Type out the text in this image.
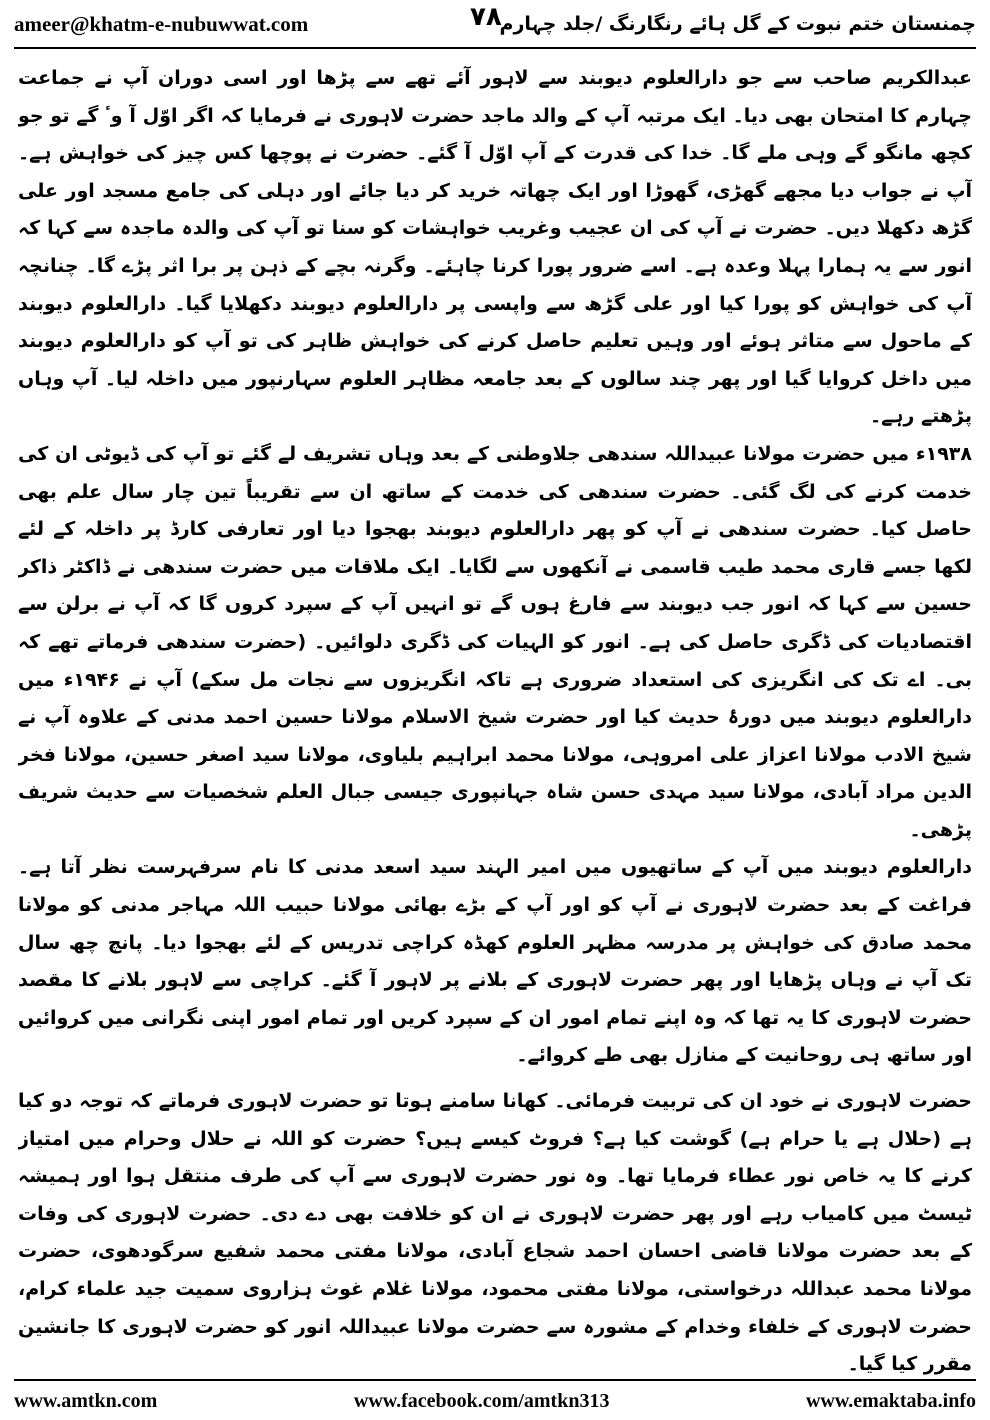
ameer@khatm-e-nubuwwat.com	چمنستان ختم نبوت کے گل ہائے رنگارنگ /جلد چہارم
۷۸

عبدالکریم صاحب سے جو دارالعلوم دیوبند سے لاہور آئے تھے سے پڑھا اور اسی دوران آپ نے جماعت چہارم کا امتحان بھی دیا۔ ایک مرتبہ آپ کے والد ماجد حضرت لاہوری نے فرمایا کہ اگر اوّل آ وٴ گے تو جو کچھ مانگو گے وہی ملے گا۔ خدا کی قدرت کے آپ اوّل آ گئے۔ حضرت نے پوچھا کس چیز کی خواہش ہے۔ آپ نے جواب دیا مجھے گھڑی، گھوڑا اور ایک چھاتہ خرید کر دیا جائے اور دہلی کی جامع مسجد اور علی گڑھ دکھلا دیں۔ حضرت نے آپ کی ان عجیب وغریب خواہشات کو سنا تو آپ کی والدہ ماجدہ سے کہا کہ انور سے یہ ہمارا پہلا وعدہ ہے۔ اسے ضرور پورا کرنا چاہئے۔ وگرنہ بچے کے ذہن پر برا اثر پڑے گا۔ چنانچہ آپ کی خواہش کو پورا کیا اور علی گڑھ سے واپسی پر دارالعلوم دیوبند دکھلایا گیا۔ دارالعلوم دیوبند کے ماحول سے متاثر ہوئے اور وہیں تعلیم حاصل کرنے کی خواہش ظاہر کی تو آپ کو دارالعلوم دیوبند میں داخل کروایا گیا اور پھر چند سالوں کے بعد جامعہ مظاہر العلوم سہارنپور میں داخلہ لیا۔ آپ وہاں پڑھتے رہے۔

۱۹۳۸ء میں حضرت مولانا عبیداللہ سندھی جلاوطنی کے بعد وہاں تشریف لے گئے تو آپ کی ڈیوٹی ان کی خدمت کرنے کی لگ گئی۔ حضرت سندھی کی خدمت کے ساتھ ان سے تقریباً تین چار سال علم بھی حاصل کیا۔ حضرت سندھی نے آپ کو پھر دارالعلوم دیوبند بھجوا دیا اور تعارفی کارڈ پر داخلہ کے لئے لکھا جسے قاری محمد طیب قاسمی نے آنکھوں سے لگایا۔ ایک ملاقات میں حضرت سندھی نے ڈاکٹر ذاکر حسین سے کہا کہ انور جب دیوبند سے فارغ ہوں گے تو انہیں آپ کے سپرد کروں گا کہ آپ نے برلن سے اقتصادیات کی ڈگری حاصل کی ہے۔ انور کو الہیات کی ڈگری دلوائیں۔ (حضرت سندھی فرماتے تھے کہ بی۔ اے تک کی انگریزی کی استعداد ضروری ہے تاکہ انگریزوں سے نجات مل سکے) آپ نے ۱۹۴۶ء میں دارالعلوم دیوبند میں دورۂ حدیث کیا اور حضرت شیخ الاسلام مولانا حسین احمد مدنی کے علاوہ آپ نے شیخ الادب مولانا اعزاز علی امروہی، مولانا محمد ابراہیم بلیاوی، مولانا سید اصغر حسین، مولانا فخر الدین مراد آبادی، مولانا سید مہدی حسن شاہ جہانپوری جیسی جبال العلم شخصیات سے حدیث شریف پڑھی۔

دارالعلوم دیوبند میں آپ کے ساتھیوں میں امیر الہند سید اسعد مدنی کا نام سرفہرست نظر آتا ہے۔ فراغت کے بعد حضرت لاہوری نے آپ کو اور آپ کے بڑے بھائی مولانا حبیب اللہ مہاجر مدنی کو مولانا محمد صادق کی خواہش پر مدرسہ مظہر العلوم کھڈہ کراچی تدریس کے لئے بھجوا دیا۔ پانچ چھ سال تک آپ نے وہاں پڑھایا اور پھر حضرت لاہوری کے بلانے پر لاہور آ گئے۔ کراچی سے لاہور بلانے کا مقصد حضرت لاہوری کا یہ تھا کہ وہ اپنے تمام امور ان کے سپرد کریں اور تمام امور اپنی نگرانی میں کروائیں اور ساتھ ہی روحانیت کے منازل بھی طے کروائے۔

حضرت لاہوری نے خود ان کی تربیت فرمائی۔ کھانا سامنے ہوتا تو حضرت لاہوری فرماتے کہ توجہ دو کیا ہے (حلال ہے یا حرام ہے) گوشت کیا ہے؟ فروٹ کیسے ہیں؟ حضرت کو اللہ نے حلال وحرام میں امتیاز کرنے کا یہ خاص نور عطاء فرمایا تھا۔ وہ نور حضرت لاہوری سے آپ کی طرف منتقل ہوا اور ہمیشہ ٹیسٹ میں کامیاب رہے اور پھر حضرت لاہوری نے ان کو خلافت بھی دے دی۔ حضرت لاہوری کی وفات کے بعد حضرت مولانا قاضی احسان احمد شجاع آبادی، مولانا مفتی محمد شفیع سرگودھوی، حضرت مولانا محمد عبداللہ درخواستی، مولانا مفتی محمود، مولانا غلام غوث ہزاروی سمیت جید علماء کرام، حضرت لاہوری کے خلفاء وخدام کے مشورہ سے حضرت مولانا عبیداللہ انور کو حضرت لاہوری کا جانشین مقرر کیا گیا۔

www.amtkn.com	www.facebook.com/amtkn313	www.emaktaba.info
